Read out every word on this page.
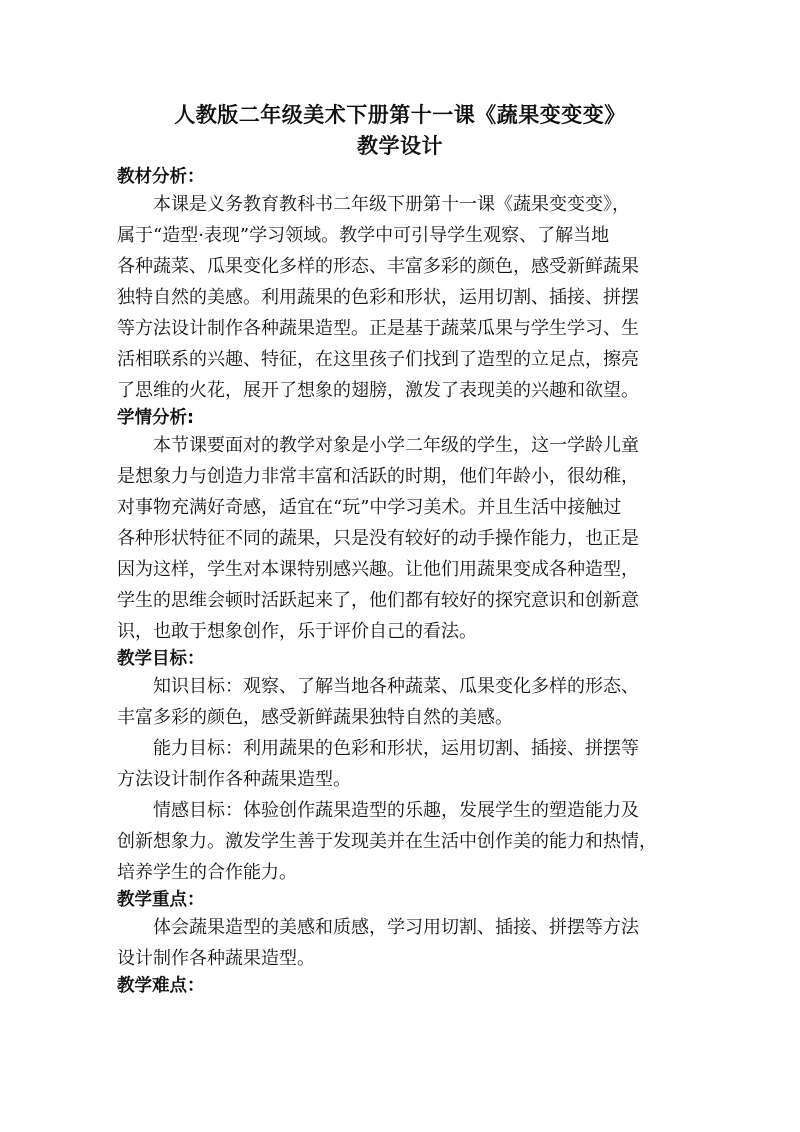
人教版二年级美术下册第十一课《蔬果变变变》
教学设计
教材分析：
本课是义务教育教科书二年级下册第十一课《蔬果变变变》，
属于“造型·表现”学习领域。教学中可引导学生观察、了解当地
各种蔬菜、瓜果变化多样的形态、丰富多彩的颜色，感受新鲜蔬果
独特自然的美感。利用蔬果的色彩和形状，运用切割、插接、拼摆
等方法设计制作各种蔬果造型。正是基于蔬菜瓜果与学生学习、生
活相联系的兴趣、特征，在这里孩子们找到了造型的立足点，擦亮
了思维的火花，展开了想象的翅膀，激发了表现美的兴趣和欲望。
学情分析:
本节课要面对的教学对象是小学二年级的学生，这一学龄儿童
是想象力与创造力非常丰富和活跃的时期，他们年龄小，很幼稚，
对事物充满好奇感，适宜在“玩”中学习美术。并且生活中接触过
各种形状特征不同的蔬果，只是没有较好的动手操作能力，也正是
因为这样，学生对本课特别感兴趣。让他们用蔬果变成各种造型，
学生的思维会顿时活跃起来了，他们都有较好的探究意识和创新意
识，也敢于想象创作，乐于评价自己的看法。
教学目标：
知识目标：观察、了解当地各种蔬菜、瓜果变化多样的形态、
丰富多彩的颜色，感受新鲜蔬果独特自然的美感。
能力目标：利用蔬果的色彩和形状，运用切割、插接、拼摆等
方法设计制作各种蔬果造型。
情感目标：体验创作蔬果造型的乐趣，发展学生的塑造能力及
创新想象力。激发学生善于发现美并在生活中创作美的能力和热情，
培养学生的合作能力。
教学重点：
体会蔬果造型的美感和质感，学习用切割、插接、拼摆等方法
设计制作各种蔬果造型。
教学难点：
